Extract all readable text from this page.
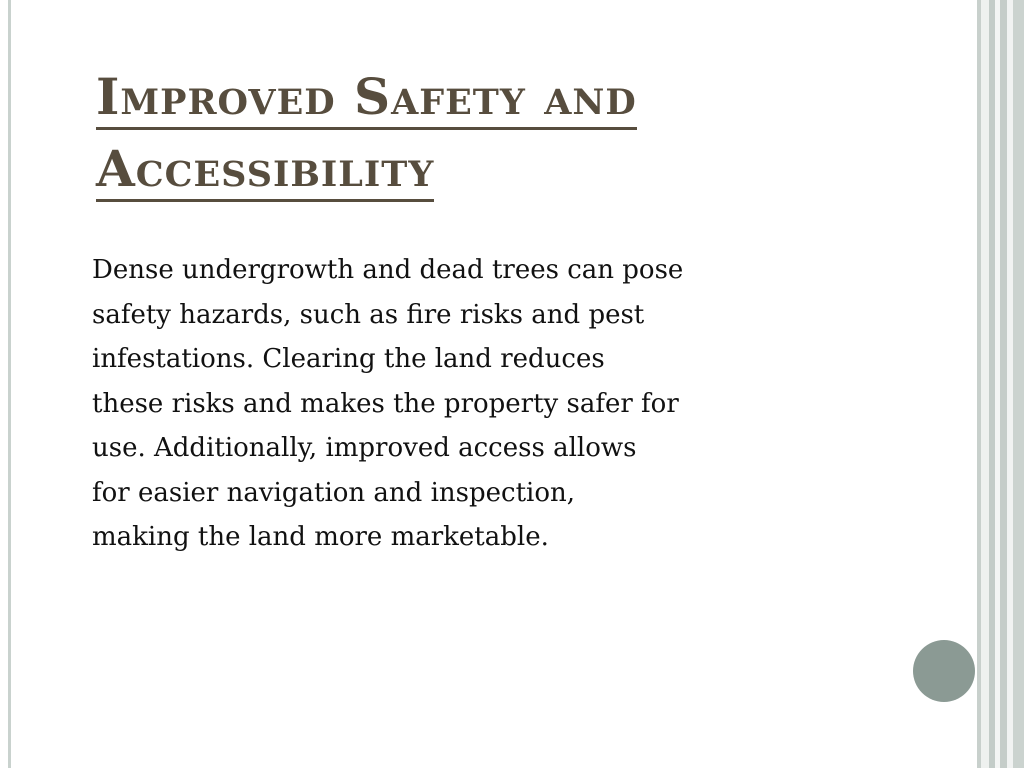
Improved Safety and
Accessibility

Dense undergrowth and dead trees can pose
safety hazards, such as fire risks and pest
infestations. Clearing the land reduces
these risks and makes the property safer for
use. Additionally, improved access allows
for easier navigation and inspection,
making the land more marketable.
